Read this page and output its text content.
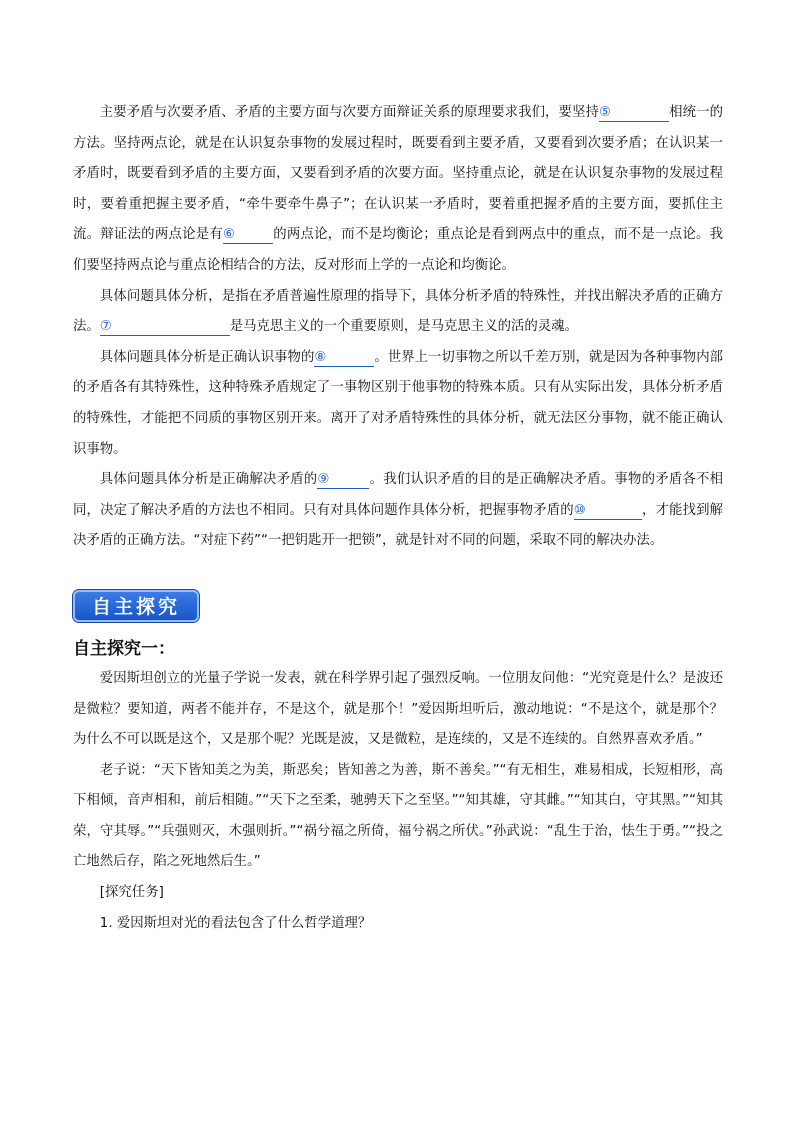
主要矛盾与次要矛盾、矛盾的主要方面与次要方面辩证关系的原理要求我们，要坚持⑤	相统一的方法。坚持两点论，就是在认识复杂事物的发展过程时，既要看到主要矛盾，又要看到次要矛盾；在认识某一矛盾时，既要看到矛盾的主要方面，又要看到矛盾的次要方面。坚持重点论，就是在认识复杂事物的发展过程时，要着重把握主要矛盾，“牵牛要牵牛鼻子”；在认识某一矛盾时，要着重把握矛盾的主要方面，要抓住主流。辩证法的两点论是有⑥	的两点论，而不是均衡论；重点论是看到两点中的重点，而不是一点论。我们要坚持两点论与重点论相结合的方法，反对形而上学的一点论和均衡论。

具体问题具体分析，是指在矛盾普遍性原理的指导下，具体分析矛盾的特殊性，并找出解决矛盾的正确方法。⑦	是马克思主义的一个重要原则，是马克思主义的活的灵魂。

具体问题具体分析是正确认识事物的⑧	。世界上一切事物之所以千差万别，就是因为各种事物内部的矛盾各有其特殊性，这种特殊矛盾规定了一事物区别于他事物的特殊本质。只有从实际出发，具体分析矛盾的特殊性，才能把不同质的事物区别开来。离开了对矛盾特殊性的具体分析，就无法区分事物，就不能正确认识事物。

具体问题具体分析是正确解决矛盾的⑨	。我们认识矛盾的目的是正确解决矛盾。事物的矛盾各不相同，决定了解决矛盾的方法也不相同。只有对具体问题作具体分析，把握事物矛盾的⑩	，才能找到解决矛盾的正确方法。“对症下药”“一把钥匙开一把锁”，就是针对不同的问题，采取不同的解决办法。

自主探究
自主探究一：

爱因斯坦创立的光量子学说一发表，就在科学界引起了强烈反响。一位朋友问他：“光究竟是什么？是波还是微粒？要知道，两者不能并存，不是这个，就是那个！”爱因斯坦听后，激动地说：“不是这个，就是那个？为什么不可以既是这个，又是那个呢？光既是波，又是微粒，是连续的，又是不连续的。自然界喜欢矛盾。”

老子说：“天下皆知美之为美，斯恶矣；皆知善之为善，斯不善矣。”“有无相生，难易相成，长短相形，高下相倾，音声相和，前后相随。”“天下之至柔，驰骋天下之至坚。”“知其雄，守其雌。”“知其白，守其黑。”“知其荣，守其辱。”“兵强则灭，木强则折。”“祸兮福之所倚，福兮祸之所伏。”孙武说：“乱生于治，怯生于勇。”“投之亡地然后存，陷之死地然后生。”

[探究任务]

1. 爱因斯坦对光的看法包含了什么哲学道理？
